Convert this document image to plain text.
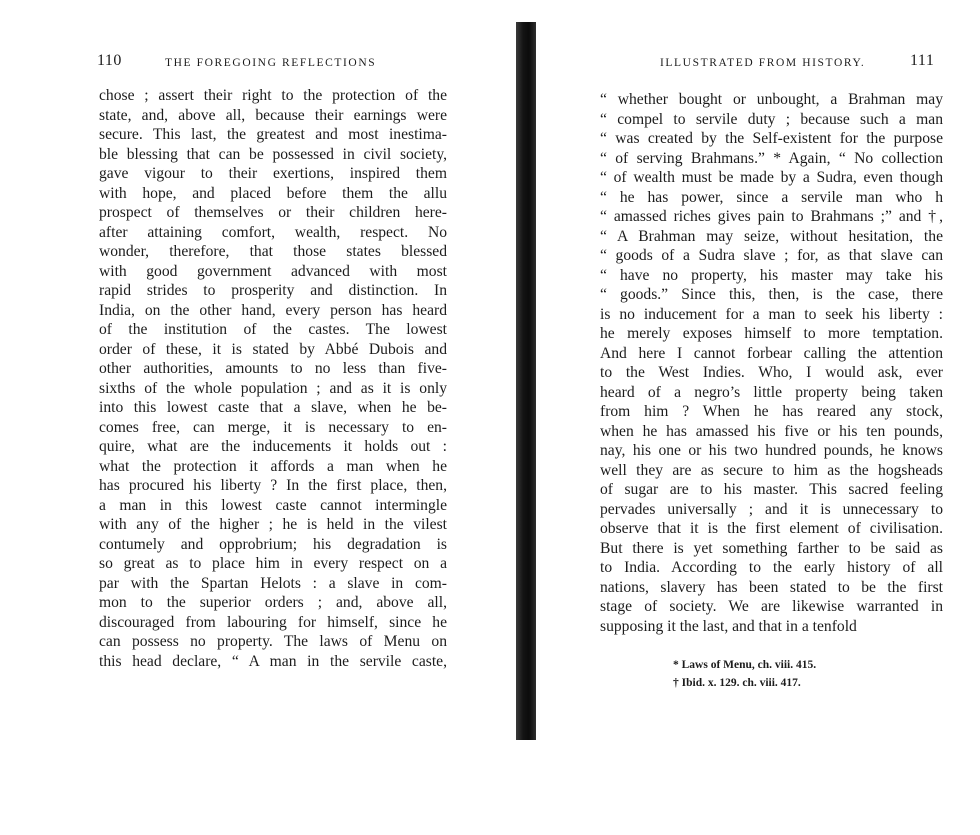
110	THE FOREGOING REFLECTIONS
chose ; assert their right to the protection of the
state, and, above all, because their earnings were
secure. This last, the greatest and most inestima-
ble blessing that can be possessed in civil society,
gave vigour to their exertions, inspired them
with hope, and placed before them the allu
prospect of themselves or their children here-
after attaining comfort, wealth, respect. No
wonder, therefore, that those states blessed
with good government advanced with most
rapid strides to prosperity and distinction. In
India, on the other hand, every person has heard
of the institution of the castes. The lowest
order of these, it is stated by Abbé Dubois and
other authorities, amounts to no less than five-
sixths of the whole population ; and as it is only
into this lowest caste that a slave, when he be-
comes free, can merge, it is necessary to en-
quire, what are the inducements it holds out :
what the protection it affords a man when he
has procured his liberty ? In the first place, then,
a man in this lowest caste cannot intermingle
with any of the higher ; he is held in the vilest
contumely and opprobrium; his degradation is
so great as to place him in every respect on a
par with the Spartan Helots : a slave in com-
mon to the superior orders ; and, above all,
discouraged from labouring for himself, since he
can possess no property. The laws of Menu on
this head declare, “ A man in the servile caste,
ILLUSTRATED FROM HISTORY.	111
“ whether bought or unbought, a Brahman may
“ compel to servile duty ; because such a man
“ was created by the Self-existent for the purpose
“ of serving Brahmans.” * Again, “ No collection
“ of wealth must be made by a Sudra, even though
“ he has power, since a servile man who h
“ amassed riches gives pain to Brahmans ;” and †,
“ A Brahman may seize, without hesitation, the
“ goods of a Sudra slave ; for, as that slave can
“ have no property, his master may take his
“ goods.” Since this, then, is the case, there
is no inducement for a man to seek his liberty :
he merely exposes himself to more temptation.
And here I cannot forbear calling the attention
to the West Indies. Who, I would ask, ever
heard of a negro’s little property being taken
from him ? When he has reared any stock,
when he has amassed his five or his ten pounds,
nay, his one or his two hundred pounds, he knows
well they are as secure to him as the hogsheads
of sugar are to his master. This sacred feeling
pervades universally ; and it is unnecessary to
observe that it is the first element of civilisation.
But there is yet something farther to be said as
to India. According to the early history of all
nations, slavery has been stated to be the first
stage of society. We are likewise warranted in
supposing it the last, and that in a tenfold
* Laws of Menu, ch. viii. 415.
† Ibid. x. 129. ch. viii. 417.
